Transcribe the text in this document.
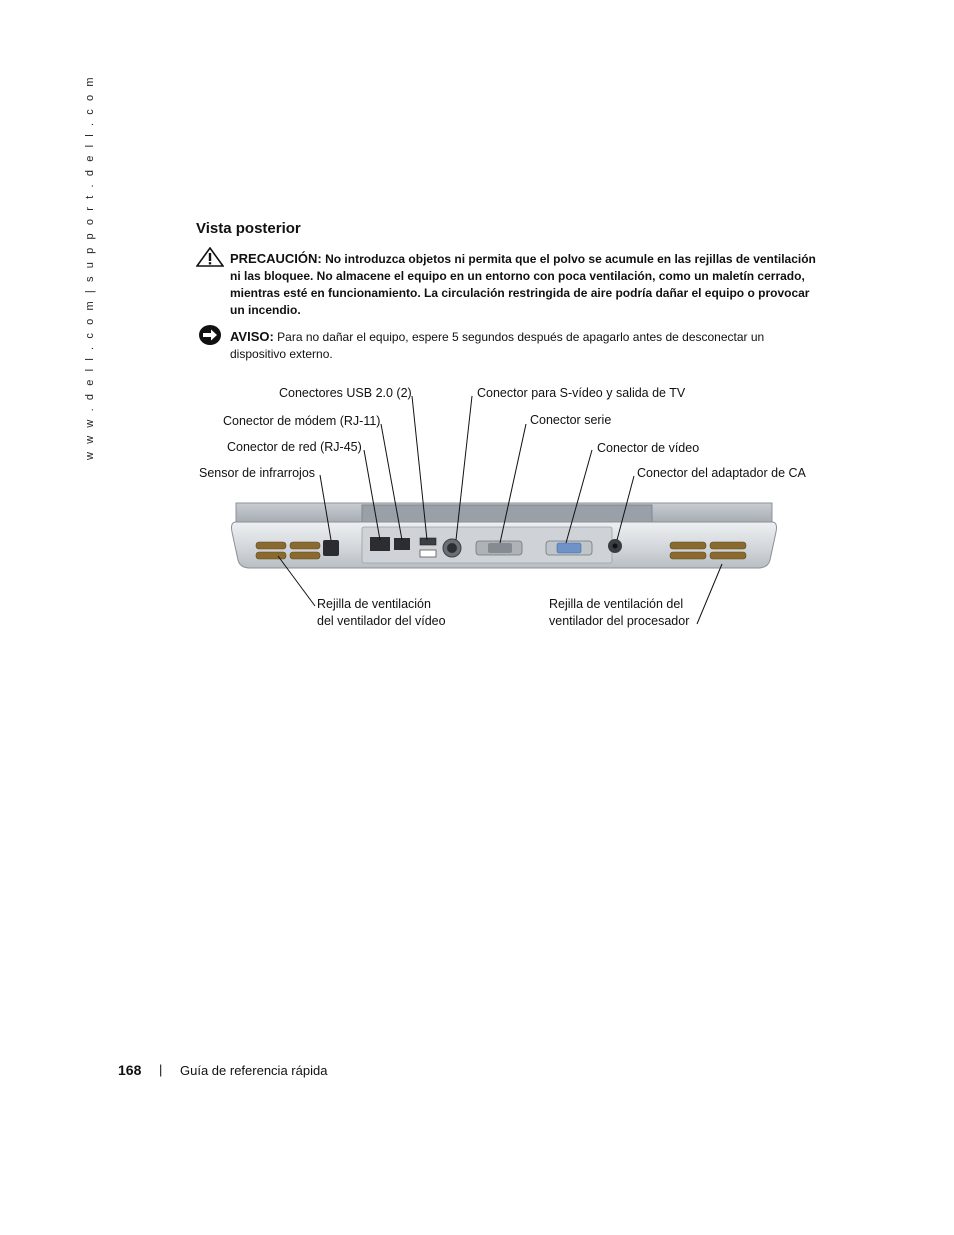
w w w . d e l l . c o m | s u p p o r t . d e l l . c o m	Vista posterior
PRECAUCIÓN: No introduzca objetos ni permita que el polvo se acumule en las rejillas de ventilación ni las bloquee. No almacene el equipo en un entorno con poca ventilación, como un maletín cerrado, mientras esté en funcionamiento. La circulación restringida de aire podría dañar el equipo o provocar un incendio.
AVISO: Para no dañar el equipo, espere 5 segundos después de apagarlo antes de desconectar un dispositivo externo.
Conectores USB 2.0 (2)
Conector de módem (RJ-11)
Conector de red (RJ-45)
Sensor de infrarrojos
Conector para S-vídeo y salida de TV
Conector serie
Conector de vídeo
Conector del adaptador de CA
Rejilla de ventilación
del ventilador del vídeo
Rejilla de ventilación del
ventilador del procesador
168 | Guía de referencia rápida
